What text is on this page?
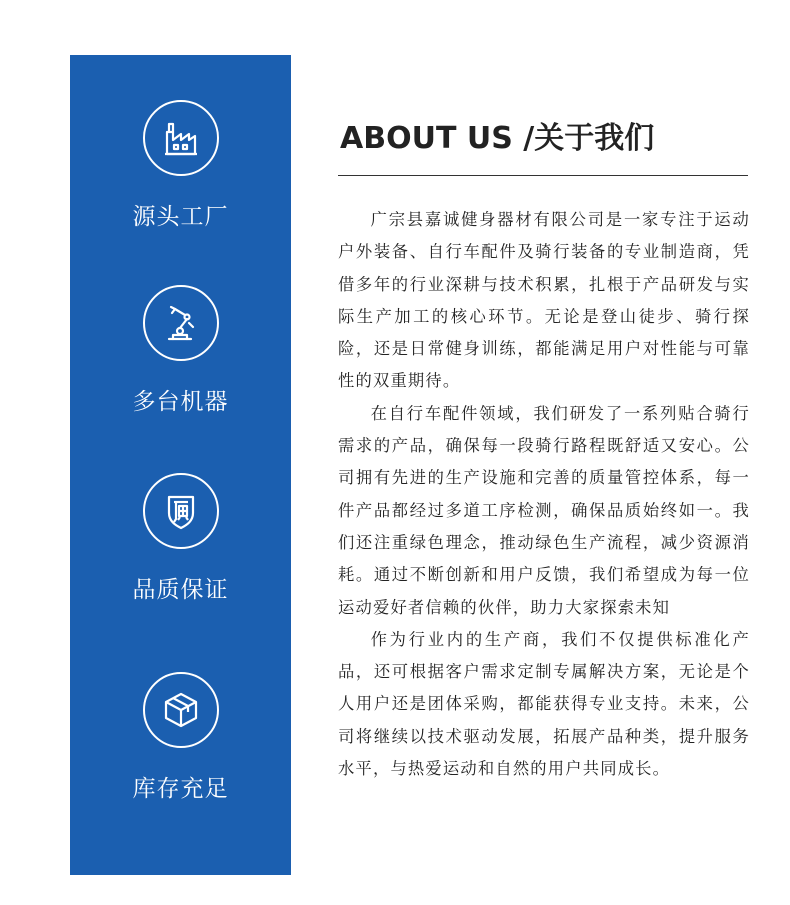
源头工厂
多台机器
品质保证
库存充足
ABOUT US /关于我们

广宗县嘉诚健身器材有限公司是一家专注于运动户外装备、自行车配件及骑行装备的专业制造商，凭借多年的行业深耕与技术积累，扎根于产品研发与实际生产加工的核心环节。无论是登山徒步、骑行探险，还是日常健身训练，都能满足用户对性能与可靠性的双重期待。

在自行车配件领域，我们研发了一系列贴合骑行需求的产品，确保每一段骑行路程既舒适又安心。公司拥有先进的生产设施和完善的质量管控体系，每一件产品都经过多道工序检测，确保品质始终如一。我们还注重绿色理念，推动绿色生产流程，减少资源消耗。通过不断创新和用户反馈，我们希望成为每一位运动爱好者信赖的伙伴，助力大家探索未知

作为行业内的生产商，我们不仅提供标准化产品，还可根据客户需求定制专属解决方案，无论是个人用户还是团体采购，都能获得专业支持。未来，公司将继续以技术驱动发展，拓展产品种类，提升服务水平，与热爱运动和自然的用户共同成长。
